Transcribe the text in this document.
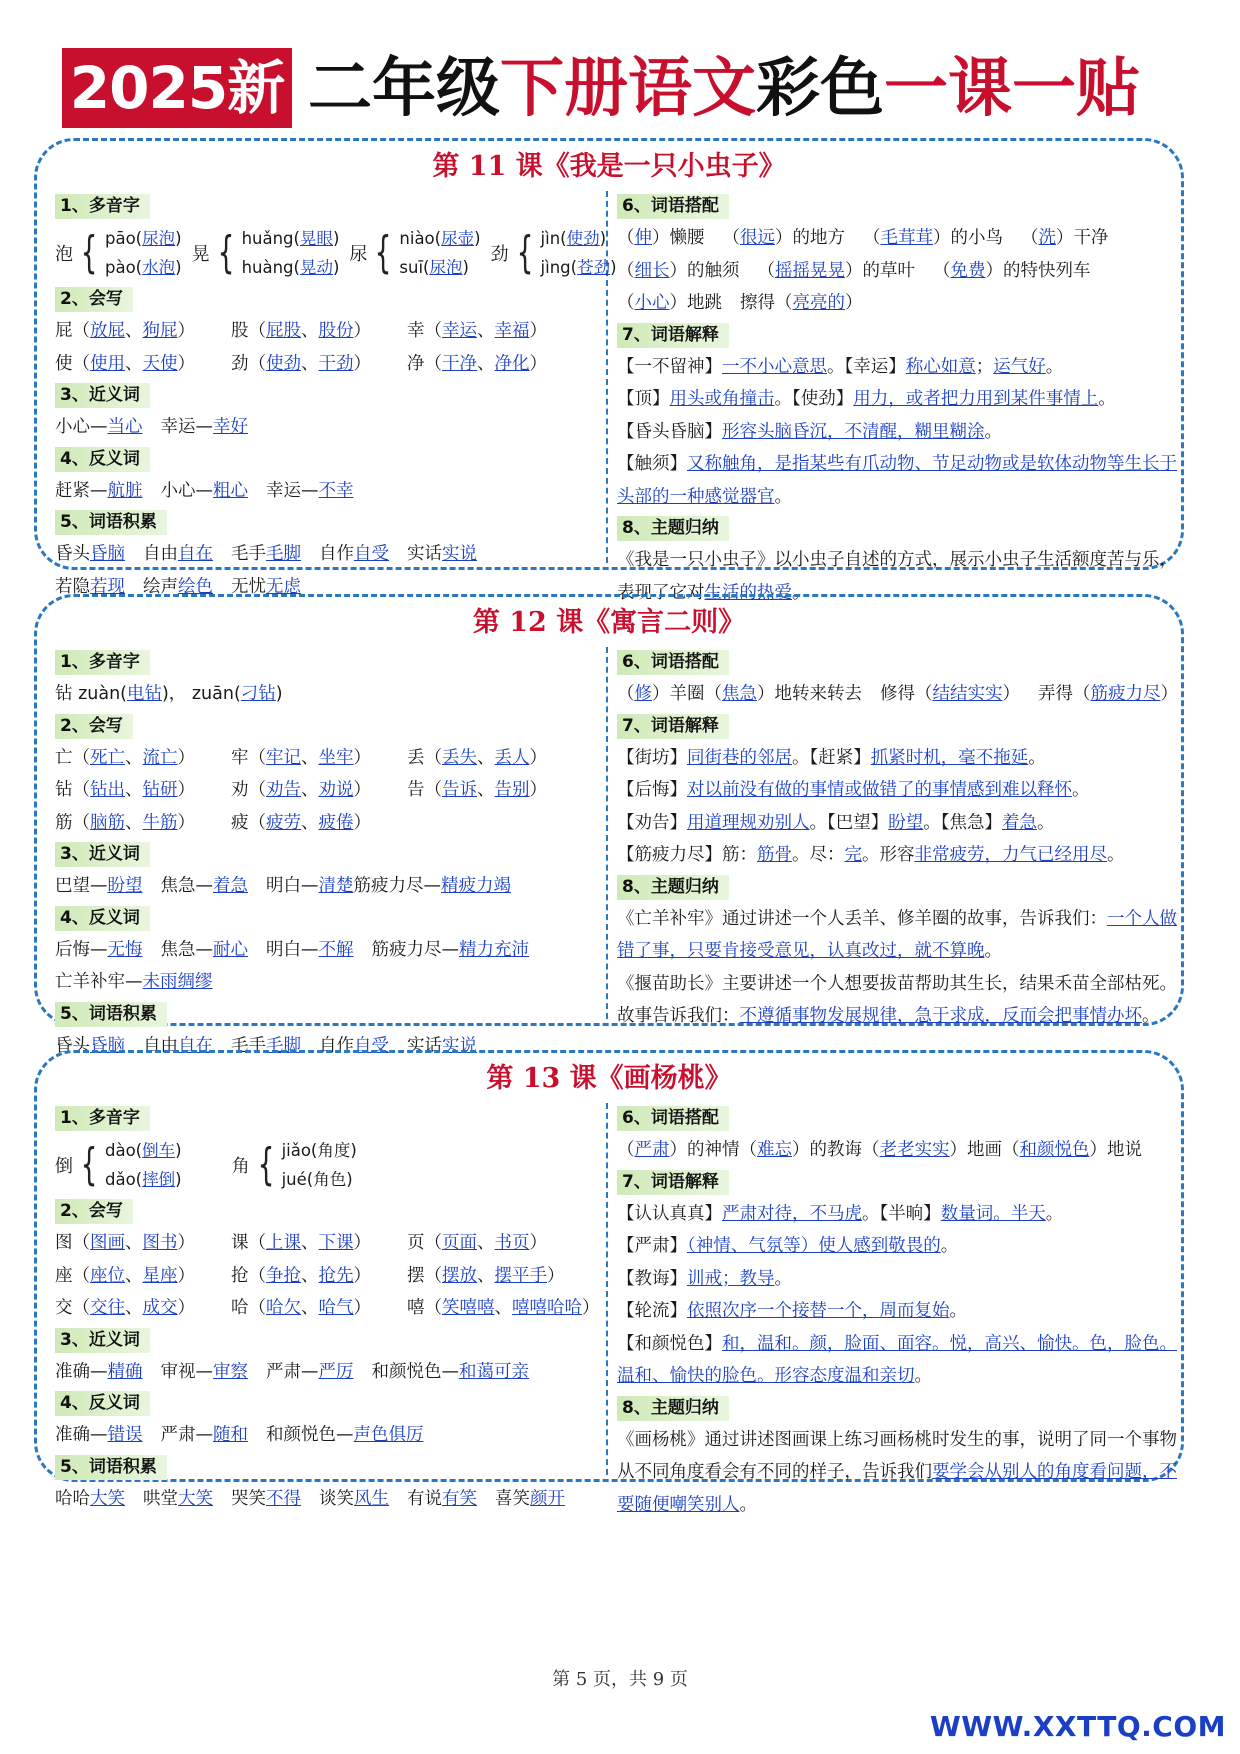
2025新 二年级下册语文彩色一课一贴
第 11 课《我是一只小虫子》
1、多音字
泡 { pāo(尿泡)
pào(水泡)
晃 { huǎng(晃眼)
huàng(晃动)
尿 { niào(尿壶)
suī(尿泡)
劲 { jìn(使劲)
jìng(苍劲)
2、会写
屁（放屁、狗屁） 股（屁股、股份） 幸（幸运、幸福）
使（使用、天使） 劲（使劲、干劲） 净（干净、净化）
3、近义词
小心—当心 幸运—幸好
4、反义词
赶紧—航脏 小心—粗心 幸运—不幸
5、词语积累
昏头昏脑 自由自在 毛手毛脚 自作自受 实话实说
若隐若现 绘声绘色 无忧无虑
6、词语搭配
（伸）懒腰 （很远）的地方 （毛茸茸）的小鸟 （洗）干净
（细长）的触须 （摇摇晃晃）的草叶 （免费）的特快列车
（小心）地跳 擦得（亮亮的）
7、词语解释
【一不留神】一不小心意思。【幸运】称心如意；运气好。
【顶】用头或角撞击。【使劲】用力，或者把力用到某件事情上。
【昏头昏脑】形容头脑昏沉，不清醒，糊里糊涂。
【触须】又称触角，是指某些有爪动物、节足动物或是软体动物等生长于头部的一种感觉器官。
8、主题归纳
《我是一只小虫子》以小虫子自述的方式，展示小虫子生活额度苦与乐，表现了它对生活的热爱。
第 12 课《寓言二则》
1、多音字
钻 zuàn(电钻)， zuān(刁钻)
2、会写
亡（死亡、流亡） 牢（牢记、坐牢） 丢（丢失、丢人）
钻（钻出、钻研） 劝（劝告、劝说） 告（告诉、告别）
筋（脑筋、牛筋） 疲（疲劳、疲倦）
3、近义词
巴望—盼望 焦急—着急 明白—清楚筋疲力尽—精疲力竭
4、反义词
后悔—无悔 焦急—耐心 明白—不解 筋疲力尽—精力充沛
亡羊补牢—未雨绸缪
5、词语积累
昏头昏脑 自由自在 毛手毛脚 自作自受 实话实说
6、词语搭配
（修）羊圈（焦急）地转来转去 修得（结结实实） 弄得（筋疲力尽）
7、词语解释
【街坊】同街巷的邻居。【赶紧】抓紧时机，毫不拖延。
【后悔】对以前没有做的事情或做错了的事情感到难以释怀。
【劝告】用道理规劝别人。【巴望】盼望。【焦急】着急。
【筋疲力尽】筋：筋骨。尽：完。形容非常疲劳，力气已经用尽。
8、主题归纳
《亡羊补牢》通过讲述一个人丢羊、修羊圈的故事，告诉我们：一个人做错了事，只要肯接受意见，认真改过，就不算晚。
《揠苗助长》主要讲述一个人想要拔苗帮助其生长，结果禾苗全部枯死。故事告诉我们：不遵循事物发展规律，急于求成，反而会把事情办坏。
第 13 课《画杨桃》
1、多音字
倒 { dào(倒车)
dǎo(摔倒)
角 { jiǎo(角度)
jué(角色)
2、会写
图（图画、图书） 课（上课、下课） 页（页面、书页）
座（座位、星座） 抢（争抢、抢先） 摆（摆放、摆平手）
交（交往、成交） 哈（哈欠、哈气） 嘻（笑嘻嘻、嘻嘻哈哈）
3、近义词
准确—精确 审视—审察 严肃—严厉 和颜悦色—和蔼可亲
4、反义词
准确—错误 严肃—随和 和颜悦色—声色俱厉
5、词语积累
哈哈大笑 哄堂大笑 哭笑不得 谈笑风生 有说有笑 喜笑颜开
6、词语搭配
（严肃）的神情（难忘）的教诲（老老实实）地画（和颜悦色）地说
7、词语解释
【认认真真】严肃对待，不马虎。【半晌】数量词。半天。
【严肃】（神情、气氛等）使人感到敬畏的。
【教诲】训戒；教导。
【轮流】依照次序一个接替一个，周而复始。
【和颜悦色】和，温和。颜，脸面、面容。悦，高兴、愉快。色，脸色。温和、愉快的脸色。形容态度温和亲切。
8、主题归纳
《画杨桃》通过讲述图画课上练习画杨桃时发生的事，说明了同一个事物从不同角度看会有不同的样子，告诉我们要学会从别人的角度看问题，不要随便嘲笑别人。
第 5 页，共 9 页
WWW.XXTTQ.COM
